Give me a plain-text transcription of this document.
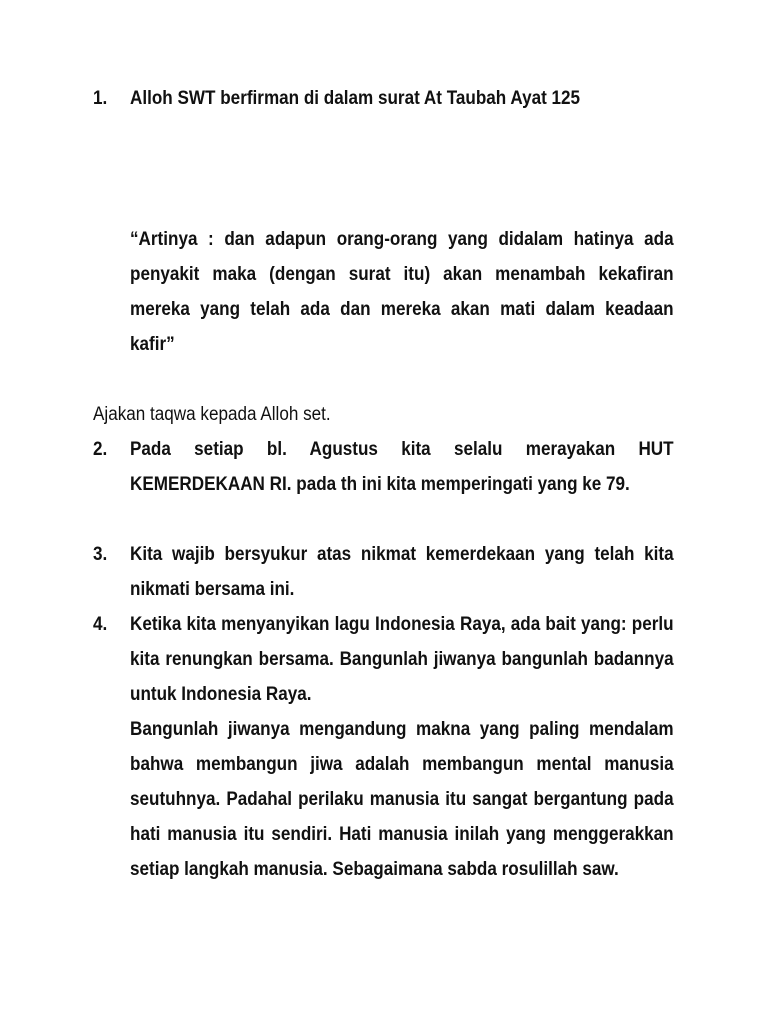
1. Alloh SWT berfirman di dalam surat At Taubah Ayat 125
“Artinya : dan adapun orang-orang yang didalam hatinya ada penyakit maka (dengan surat itu) akan menambah kekafiran mereka yang telah ada dan mereka akan mati dalam keadaan kafir”
Ajakan taqwa kepada Alloh set.
2. Pada setiap bl. Agustus kita selalu merayakan HUT KEMERDEKAAN RI. pada th ini kita memperingati yang ke 79.
3. Kita wajib bersyukur atas nikmat kemerdekaan yang telah kita nikmati bersama ini.
4. Ketika kita menyanyikan lagu Indonesia Raya, ada bait yang: perlu kita renungkan bersama. Bangunlah jiwanya bangunlah badannya untuk Indonesia Raya.
Bangunlah jiwanya mengandung makna yang paling mendalam bahwa membangun jiwa adalah membangun mental manusia seutuhnya. Padahal perilaku manusia itu sangat bergantung pada hati manusia itu sendiri. Hati manusia inilah yang menggerakkan setiap langkah manusia. Sebagaimana sabda rosulillah saw.
